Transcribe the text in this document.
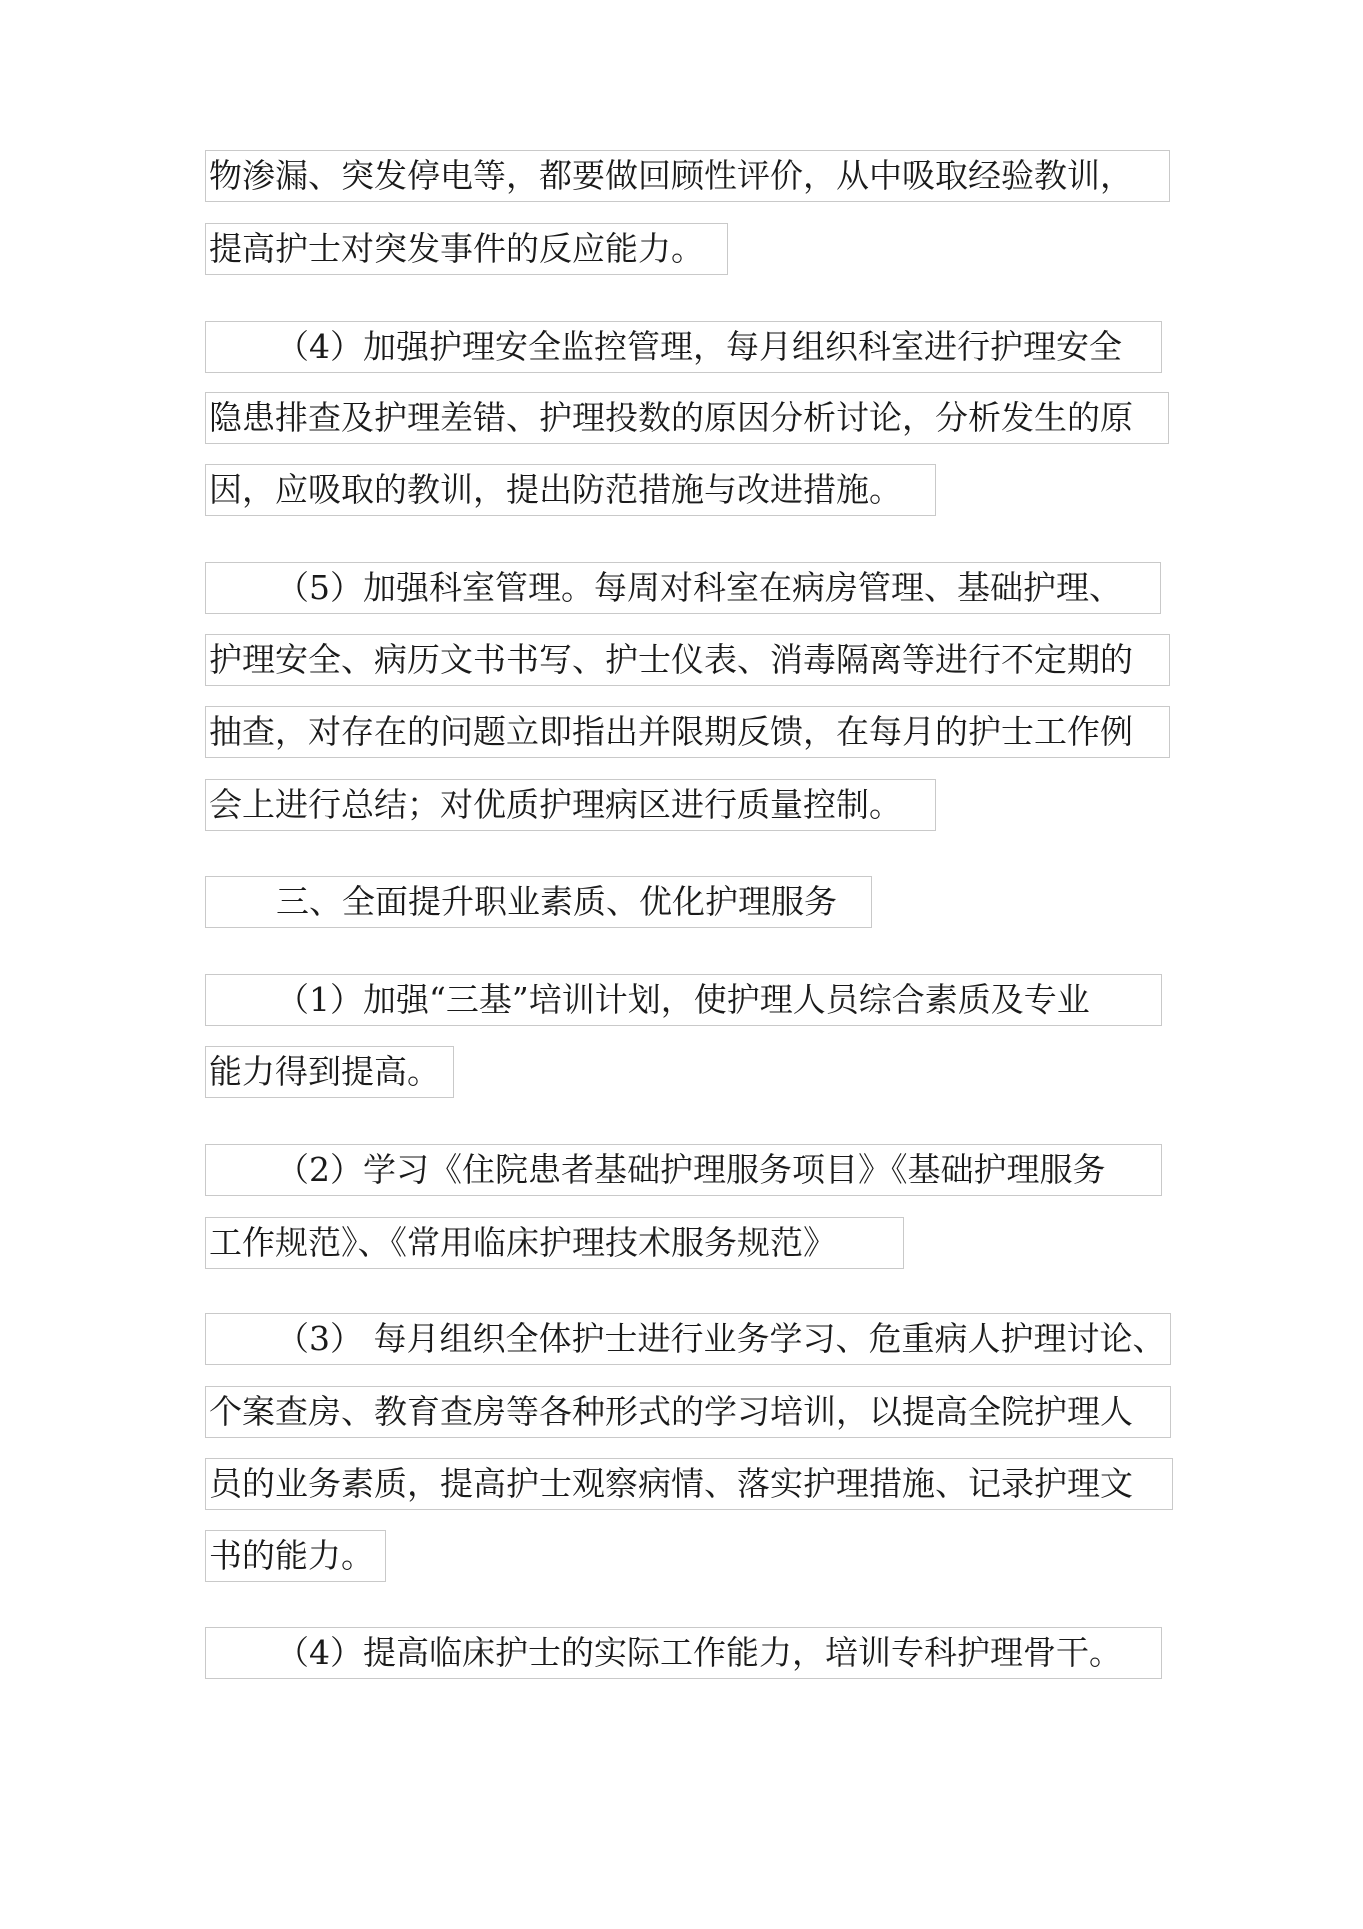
物渗漏、突发停电等，都要做回顾性评价，从中吸取经验教训，
提高护士对突发事件的反应能力。
（4）加强护理安全监控管理，每月组织科室进行护理安全
隐患排查及护理差错、护理投数的原因分析讨论，分析发生的原
因，应吸取的教训，提出防范措施与改进措施。
（5）加强科室管理。每周对科室在病房管理、基础护理、
护理安全、病历文书书写、护士仪表、消毒隔离等进行不定期的
抽查，对存在的问题立即指出并限期反馈，在每月的护士工作例
会上进行总结；对优质护理病区进行质量控制。
三、全面提升职业素质、优化护理服务
（1）加强“三基”培训计划，使护理人员综合素质及专业
能力得到提高。
（2）学习《住院患者基础护理服务项目》《基础护理服务
工作规范》、《常用临床护理技术服务规范》
（3） 每月组织全体护士进行业务学习、危重病人护理讨论、
个案查房、教育查房等各种形式的学习培训，以提高全院护理人
员的业务素质，提高护士观察病情、落实护理措施、记录护理文
书的能力。
（4）提高临床护士的实际工作能力，培训专科护理骨干。
